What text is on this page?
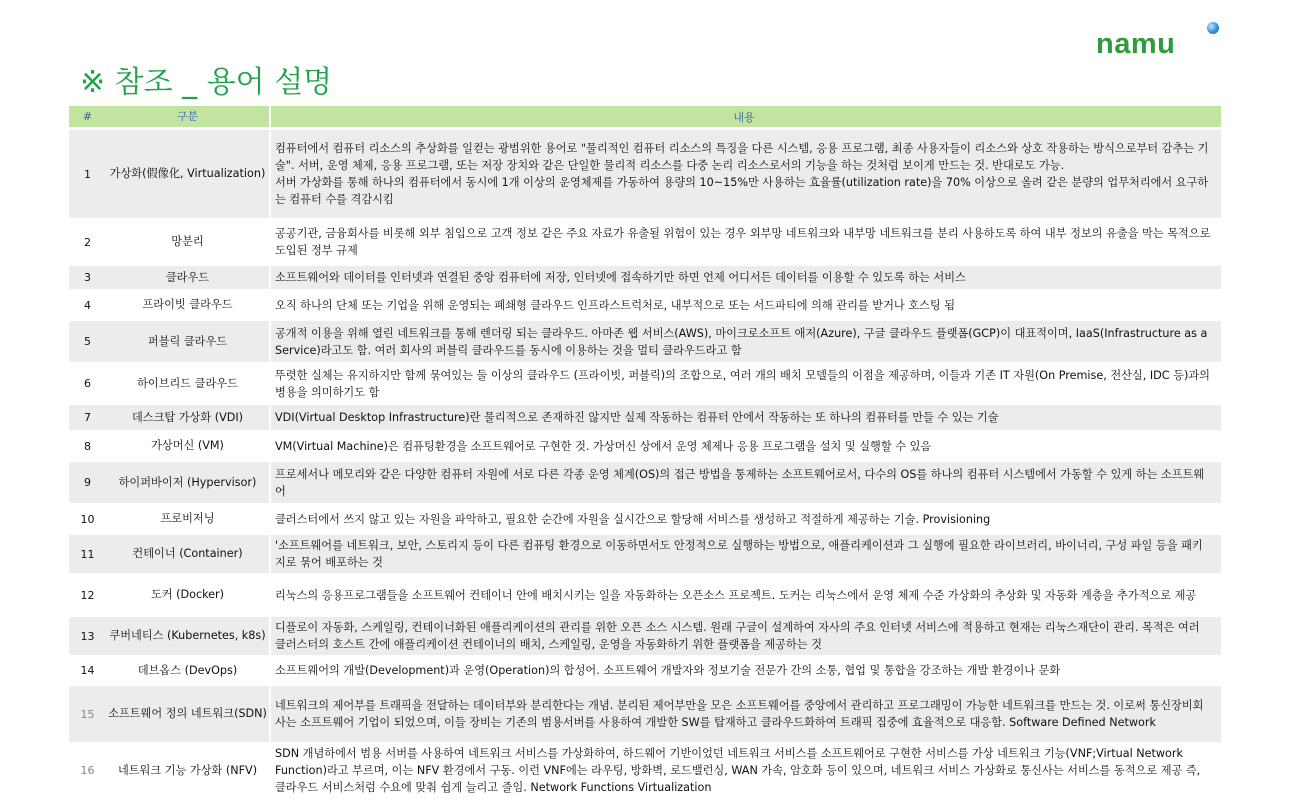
namu
※ 참조 _ 용어 설명
#	구분	내용
1	가상화(假像化, Virtualization)	컴퓨터에서 컴퓨터 리소스의 추상화를 일컫는 광범위한 용어로 "물리적인 컴퓨터 리소스의 특징을 다른 시스템, 응용 프로그램, 최종 사용자들이 리소스와 상호 작용하는 방식으로부터 감추는 기술". 서버, 운영 체제, 응용 프로그램, 또는 저장 장치와 같은 단일한 물리적 리소스를 다중 논리 리소스로서의 기능을 하는 것처럼 보이게 만드는 것. 반대로도 가능.
서버 가상화를 통해 하나의 컴퓨터에서 동시에 1개 이상의 운영체제를 가동하여 용량의 10~15%만 사용하는 효율률(utilization rate)을 70% 이상으로 올려 같은 분량의 업무처리에서 요구하는 컴퓨터 수를 격감시킴
2	망분리	공공기관, 금융회사를 비롯해 외부 침입으로 고객 정보 같은 주요 자료가 유출될 위험이 있는 경우 외부망 네트워크와 내부망 네트워크를 분리 사용하도록 하여 내부 정보의 유출을 막는 목적으로 도입된 정부 규제
3	클라우드	소프트웨어와 데이터를 인터넷과 연결된 중앙 컴퓨터에 저장, 인터넷에 접속하기만 하면 언제 어디서든 데이터를 이용할 수 있도록 하는 서비스
4	프라이빗 클라우드	오직 하나의 단체 또는 기업을 위해 운영되는 폐쇄형 클라우드 인프라스트럭처로, 내부적으로 또는 서드파티에 의해 관리를 받거나 호스팅 됨
5	퍼블릭 클라우드	공개적 이용을 위해 열린 네트워크를 통해 렌더링 되는 클라우드. 아마존 웹 서비스(AWS), 마이크로소프트 애저(Azure), 구글 클라우드 플랫폼(GCP)이 대표적이며, IaaS(Infrastructure as a Service)라고도 함. 여러 회사의 퍼블릭 클라우드를 동시에 이용하는 것을 멀티 클라우드라고 함
6	하이브리드 클라우드	뚜렷한 실체는 유지하지만 함께 묶여있는 둘 이상의 클라우드 (프라이빗, 퍼블릭)의 조합으로, 여러 개의 배치 모델들의 이점을 제공하며, 이들과 기존 IT 자원(On Premise, 전산실, IDC 등)과의 병용을 의미하기도 함
7	데스크탑 가상화 (VDI)	VDI(Virtual Desktop Infrastructure)란 물리적으로 존재하진 않지만 실제 작동하는 컴퓨터 안에서 작동하는 또 하나의 컴퓨터를 만들 수 있는 기술
8	가상머신 (VM)	VM(Virtual Machine)은 컴퓨팅환경을 소프트웨어로 구현한 것. 가상머신 상에서 운영 체제나 응용 프로그램을 설치 및 실행할 수 있음
9	하이퍼바이저 (Hypervisor)	프로세서나 메모리와 같은 다양한 컴퓨터 자원에 서로 다른 각종 운영 체계(OS)의 접근 방법을 통제하는 소프트웨어로서, 다수의 OS를 하나의 컴퓨터 시스템에서 가동할 수 있게 하는 소프트웨어
10	프로비저닝	클러스터에서 쓰지 않고 있는 자원을 파악하고, 필요한 순간에 자원을 실시간으로 할당해 서비스를 생성하고 적절하게 제공하는 기술. Provisioning
11	컨테이너 (Container)	'소프트웨어를 네트워크, 보안, 스토리지 등이 다른 컴퓨팅 환경으로 이동하면서도 안정적으로 실행하는 방법으로, 애플리케이션과 그 실행에 필요한 라이브러리, 바이너리, 구성 파일 등을 패키지로 묶어 배포하는 것
12	도커 (Docker)	리눅스의 응용프로그램들을 소프트웨어 컨테이너 안에 배치시키는 일을 자동화하는 오픈소스 프로젝트. 도커는 리눅스에서 운영 체제 수준 가상화의 추상화 및 자동화 계층을 추가적으로 제공
13	쿠버네티스 (Kubernetes, k8s)	디플로이 자동화, 스케일링, 컨테이너화된 애플리케이션의 관리를 위한 오픈 소스 시스템. 원래 구글이 설계하여 자사의 주요 인터넷 서비스에 적용하고 현재는 리눅스재단이 관리. 목적은 여러 클러스터의 호스트 간에 애플리케이션 컨테이너의 배치, 스케일링, 운영을 자동화하기 위한 플랫폼을 제공하는 것
14	데브옵스 (DevOps)	소프트웨어의 개발(Development)과 운영(Operation)의 합성어. 소프트웨어 개발자와 정보기술 전문가 간의 소통, 협업 및 통합을 강조하는 개발 환경이나 문화
15	소프트웨어 정의 네트워크(SDN)	네트워크의 제어부를 트래픽을 전달하는 데이터부와 분리한다는 개념. 분리된 제어부만을 모은 소프트웨어를 중앙에서 관리하고 프로그래밍이 가능한 네트워크를 만드는 것. 이로써 통신장비회사는 소프트웨어 기업이 되었으며, 이들 장비는 기존의 범용서버를 사용하여 개발한 SW를 탑재하고 클라우드화하여 트래픽 집중에 효율적으로 대응함. Software Defined Network
16	네트워크 기능 가상화 (NFV)	SDN 개념하에서 범용 서버를 사용하여 네트워크 서비스를 가상화하여, 하드웨어 기반이었던 네트워크 서비스를 소프트웨어로 구현한 서비스를 가상 네트워크 기능(VNF;Virtual Network Function)라고 부르며, 이는 NFV 환경에서 구동. 이런 VNF에는 라우팅, 방화벽, 로드밸런싱, WAN 가속, 암호화 등이 있으며, 네트워크 서비스 가상화로 통신사는 서비스를 동적으로 제공 즉, 클라우드 서비스처럼 수요에 맞춰 쉽게 늘리고 줄임. Network Functions Virtualization
